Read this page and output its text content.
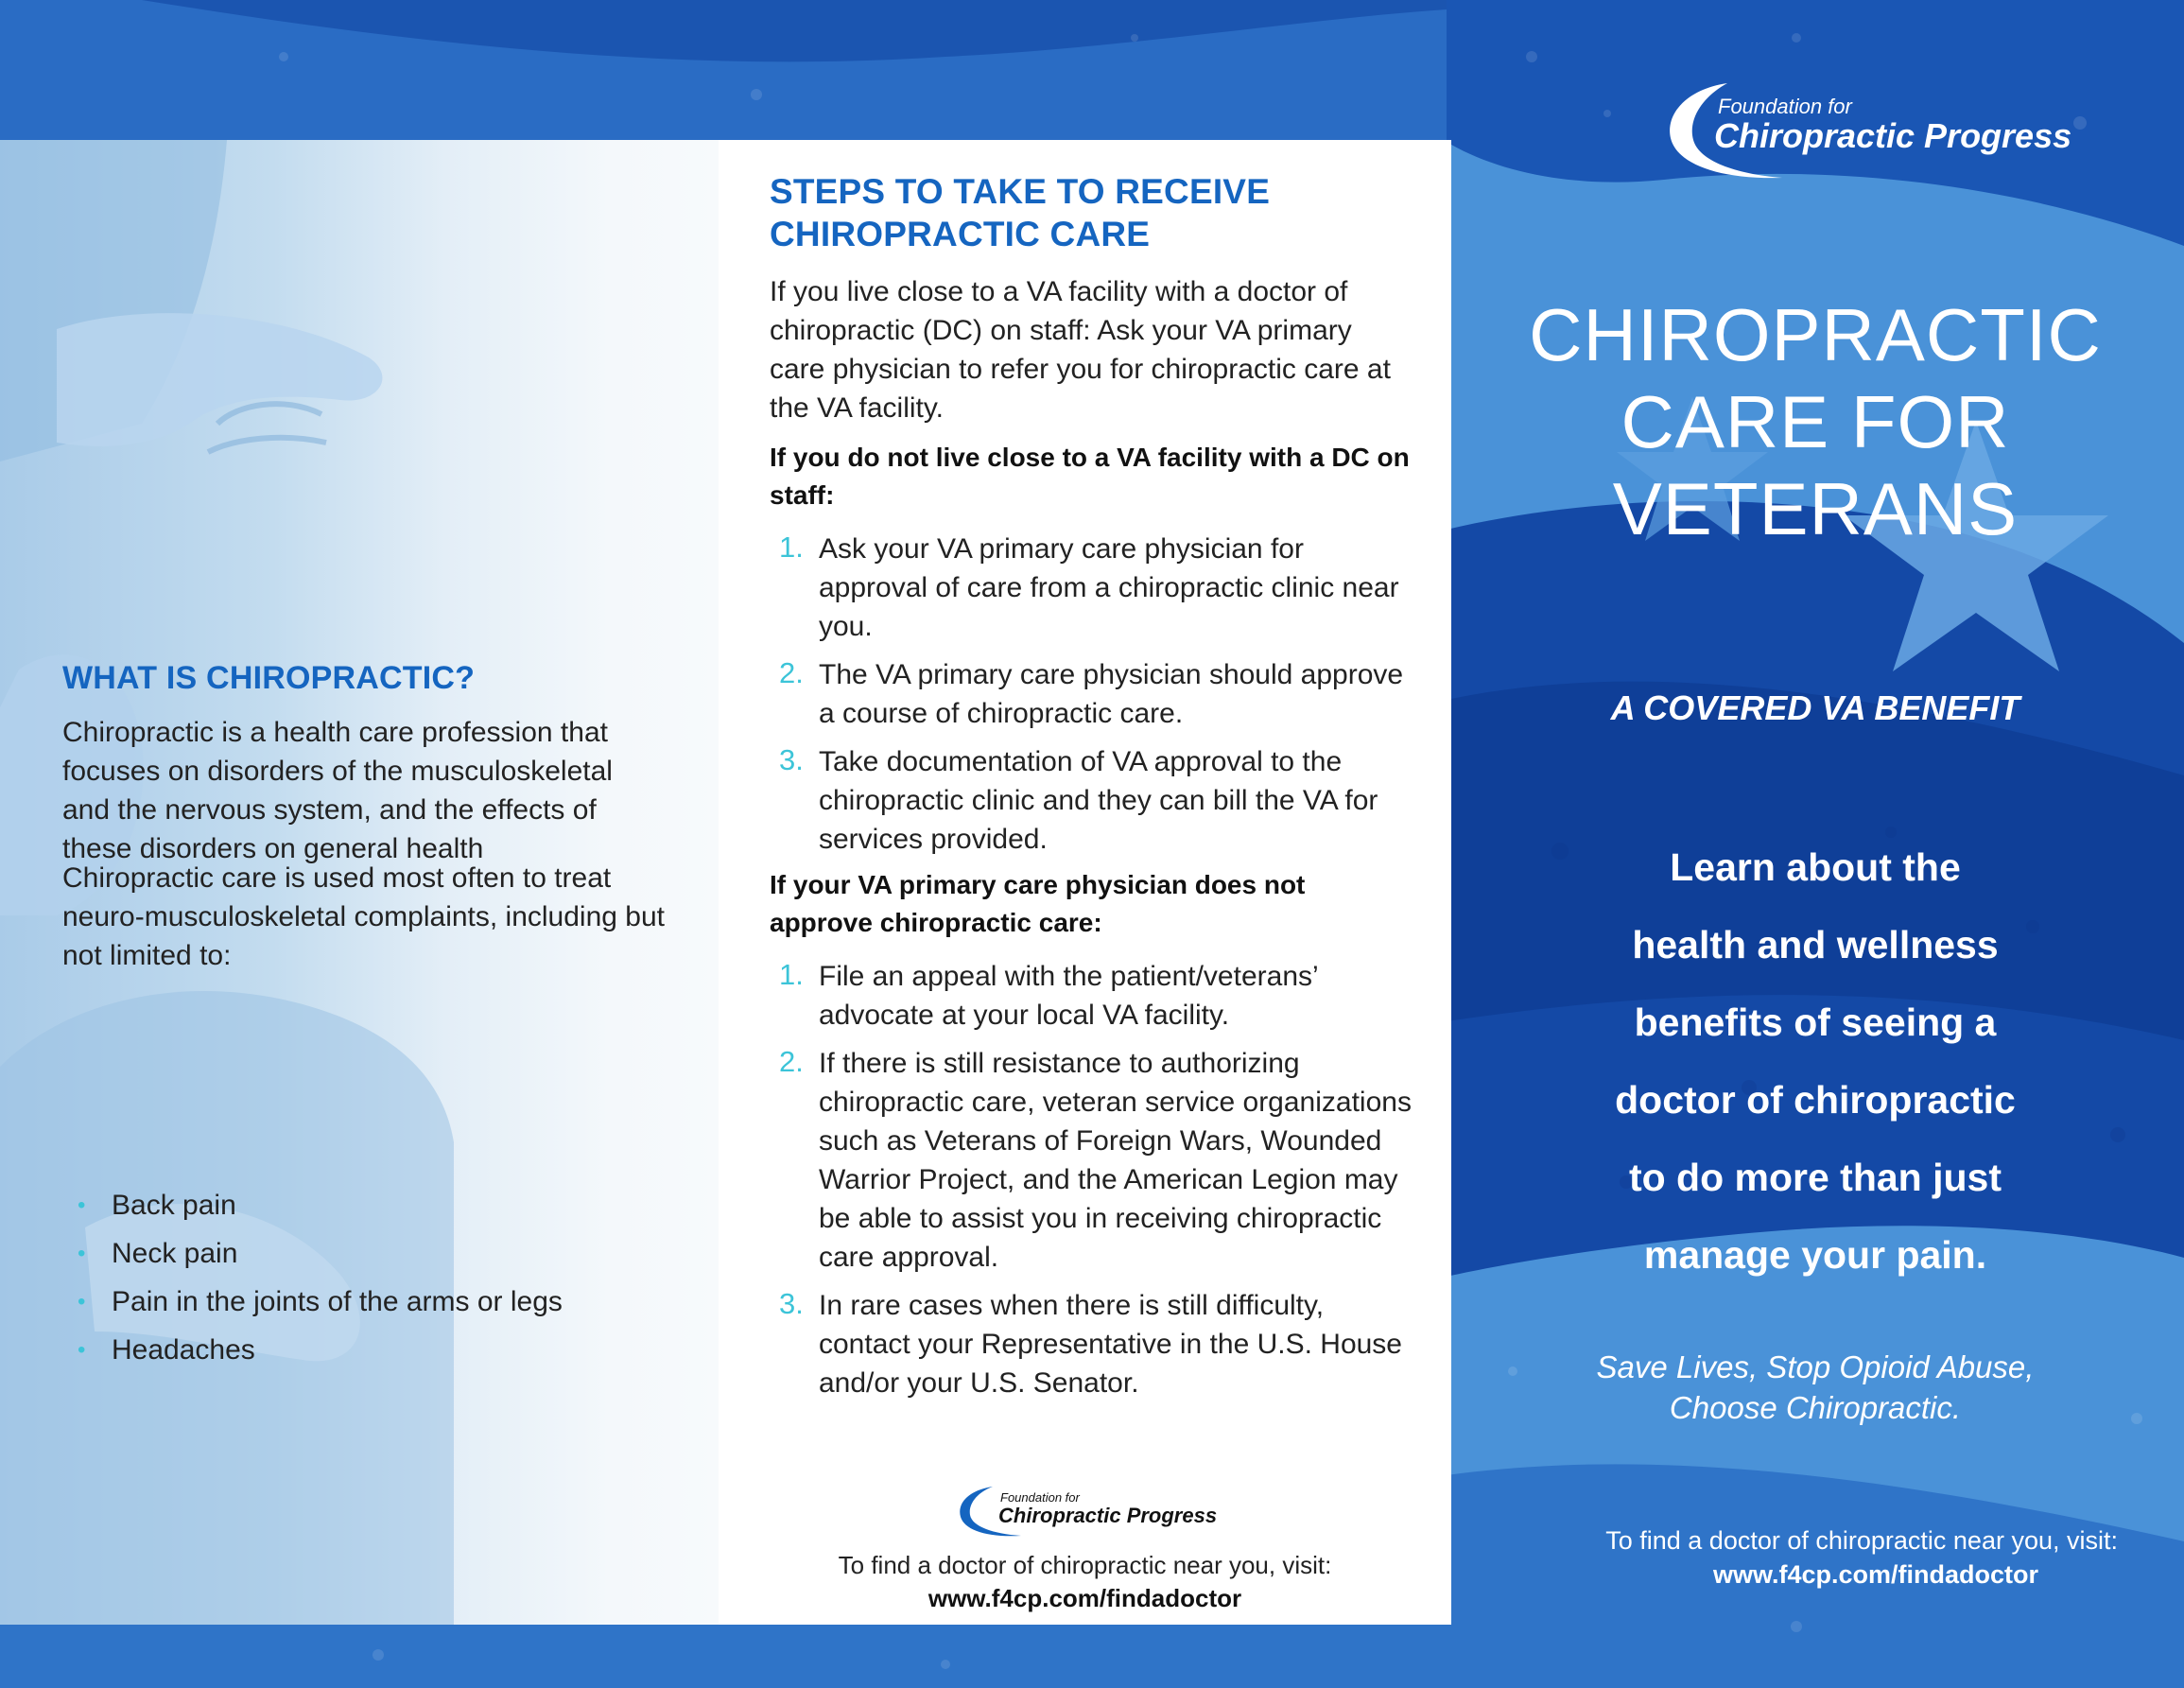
WHAT IS CHIROPRACTIC?

Chiropractic is a health care profession that focuses on disorders of the musculoskeletal and the nervous system, and the effects of these disorders on general health

Chiropractic care is used most often to treat neuro-musculoskeletal complaints, including but not limited to:

• Back pain
• Neck pain
• Pain in the joints of the arms or legs
• Headaches
STEPS TO TAKE TO RECEIVE CHIROPRACTIC CARE

If you live close to a VA facility with a doctor of chiropractic (DC) on staff: Ask your VA primary care physician to refer you for chiropractic care at the VA facility.

If you do not live close to a VA facility with a DC on staff:

1. Ask your VA primary care physician for approval of care from a chiropractic clinic near you.
2. The VA primary care physician should approve a course of chiropractic care.
3. Take documentation of VA approval to the chiropractic clinic and they can bill the VA for services provided.

If your VA primary care physician does not approve chiropractic care:

1. File an appeal with the patient/veterans’ advocate at your local VA facility.
2. If there is still resistance to authorizing chiropractic care, veteran service organizations such as Veterans of Foreign Wars, Wounded Warrior Project, and the American Legion may be able to assist you in receiving chiropractic care approval.
3. In rare cases when there is still difficulty, contact your Representative in the U.S. House and/or your U.S. Senator.
Foundation for
Chiropractic Progress

To find a doctor of chiropractic near you, visit:

www.f4cp.com/findadoctor

Foundation for
Chiropractic Progress
CHIROPRACTIC
CARE FOR
VETERANS

A COVERED VA BENEFIT

Learn about the
health and wellness
benefits of seeing a
doctor of chiropractic
to do more than just
manage your pain.

Save Lives, Stop Opioid Abuse,
Choose Chiropractic.

To find a doctor of chiropractic near you, visit:

www.f4cp.com/findadoctor
